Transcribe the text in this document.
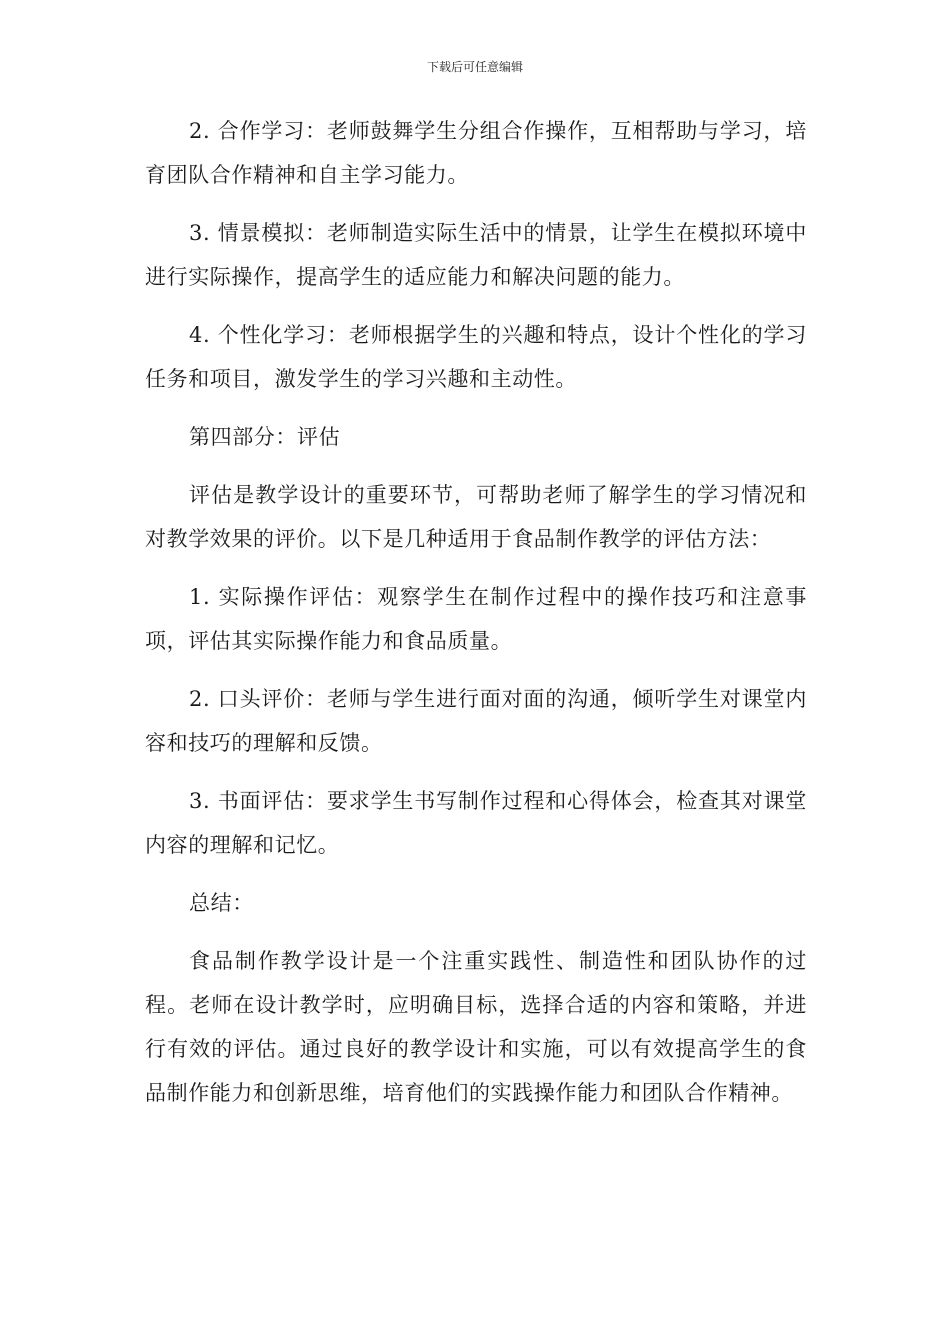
下载后可任意编辑

2. 合作学习：老师鼓舞学生分组合作操作，互相帮助与学习，培育团队合作精神和自主学习能力。

3. 情景模拟：老师制造实际生活中的情景，让学生在模拟环境中进行实际操作，提高学生的适应能力和解决问题的能力。

4. 个性化学习：老师根据学生的兴趣和特点，设计个性化的学习任务和项目，激发学生的学习兴趣和主动性。

第四部分：评估

评估是教学设计的重要环节，可帮助老师了解学生的学习情况和对教学效果的评价。以下是几种适用于食品制作教学的评估方法：

1. 实际操作评估：观察学生在制作过程中的操作技巧和注意事项，评估其实际操作能力和食品质量。

2. 口头评价：老师与学生进行面对面的沟通，倾听学生对课堂内容和技巧的理解和反馈。

3. 书面评估：要求学生书写制作过程和心得体会，检查其对课堂内容的理解和记忆。

总结：

食品制作教学设计是一个注重实践性、制造性和团队协作的过程。老师在设计教学时，应明确目标，选择合适的内容和策略，并进行有效的评估。通过良好的教学设计和实施，可以有效提高学生的食品制作能力和创新思维，培育他们的实践操作能力和团队合作精神。
